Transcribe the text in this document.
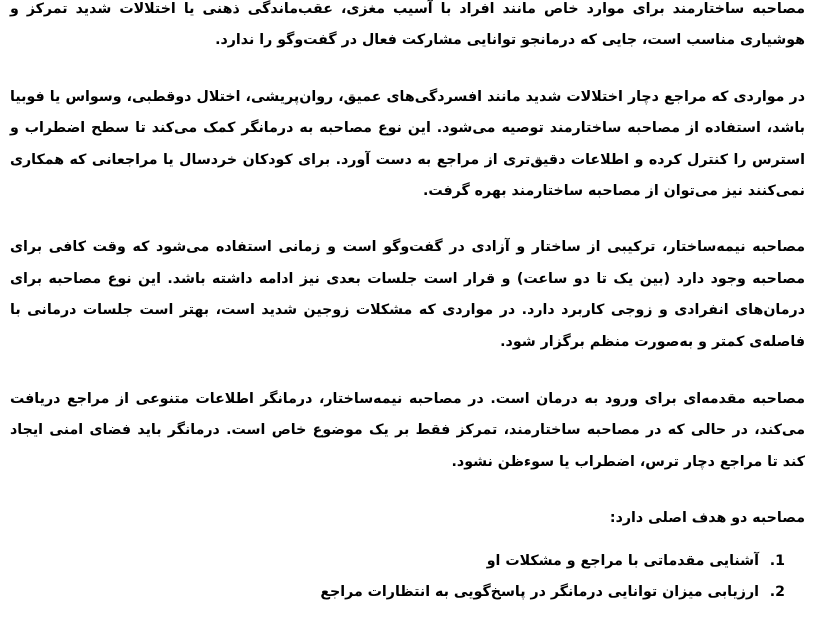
مصاحبه ساختارمند برای موارد خاص مانند افراد با آسیب مغزی، عقب‌ماندگی ذهنی یا اختلالات شدید تمرکز و هوشیاری مناسب است، جایی که درمانجو توانایی مشارکت فعال در گفت‌وگو را ندارد.

در مواردی که مراجع دچار اختلالات شدید مانند افسردگی‌های عمیق، روان‌پریشی، اختلال دوقطبی، وسواس یا فوبیا باشد، استفاده از مصاحبه ساختارمند توصیه می‌شود. این نوع مصاحبه به درمانگر کمک می‌کند تا سطح اضطراب و استرس را کنترل کرده و اطلاعات دقیق‌تری از مراجع به دست آورد. برای کودکان خردسال یا مراجعانی که همکاری نمی‌کنند نیز می‌توان از مصاحبه ساختارمند بهره گرفت.

مصاحبه نیمه‌ساختار، ترکیبی از ساختار و آزادی در گفت‌وگو است و زمانی استفاده می‌شود که وقت کافی برای مصاحبه وجود دارد (بین یک تا دو ساعت) و قرار است جلسات بعدی نیز ادامه داشته باشد. این نوع مصاحبه برای درمان‌های انفرادی و زوجی کاربرد دارد. در مواردی که مشکلات زوجین شدید است، بهتر است جلسات درمانی با فاصله‌ی کمتر و به‌صورت منظم برگزار شود.

مصاحبه مقدمه‌ای برای ورود به درمان است. در مصاحبه نیمه‌ساختار، درمانگر اطلاعات متنوعی از مراجع دریافت می‌کند، در حالی که در مصاحبه ساختارمند، تمرکز فقط بر یک موضوع خاص است. درمانگر باید فضای امنی ایجاد کند تا مراجع دچار ترس، اضطراب یا سوءظن نشود.

مصاحبه دو هدف اصلی دارد:

1.
آشنایی مقدماتی با مراجع و مشکلات او
2.
ارزیابی میزان توانایی درمانگر در پاسخ‌گویی به انتظارات مراجع
